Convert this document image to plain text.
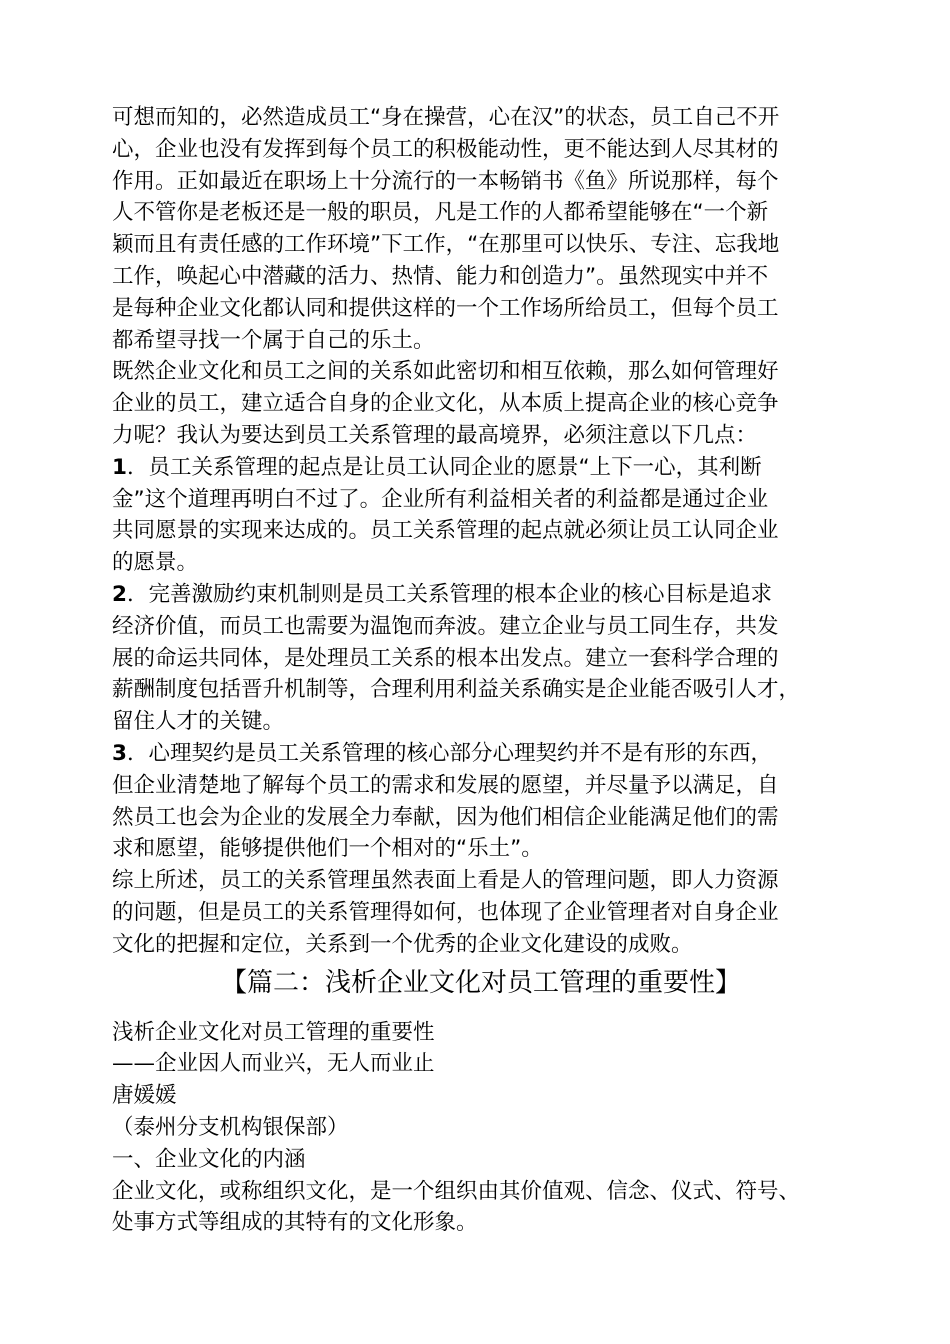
可想而知的，必然造成员工“身在操营，心在汉”的状态，员工自己不开
心，企业也没有发挥到每个员工的积极能动性，更不能达到人尽其材的
作用。正如最近在职场上十分流行的一本畅销书《鱼》所说那样，每个
人不管你是老板还是一般的职员，凡是工作的人都希望能够在“一个新
颖而且有责任感的工作环境”下工作，“在那里可以快乐、专注、忘我地
工作，唤起心中潜藏的活力、热情、能力和创造力”。虽然现实中并不
是每种企业文化都认同和提供这样的一个工作场所给员工，但每个员工
都希望寻找一个属于自己的乐土。
既然企业文化和员工之间的关系如此密切和相互依赖，那么如何管理好
企业的员工，建立适合自身的企业文化，从本质上提高企业的核心竞争
力呢？我认为要达到员工关系管理的最高境界，必须注意以下几点：
1．员工关系管理的起点是让员工认同企业的愿景“上下一心，其利断
金”这个道理再明白不过了。企业所有利益相关者的利益都是通过企业
共同愿景的实现来达成的。员工关系管理的起点就必须让员工认同企业
的愿景。
2．完善激励约束机制则是员工关系管理的根本企业的核心目标是追求
经济价值，而员工也需要为温饱而奔波。建立企业与员工同生存，共发
展的命运共同体，是处理员工关系的根本出发点。建立一套科学合理的
薪酬制度包括晋升机制等，合理利用利益关系确实是企业能否吸引人才，
留住人才的关键。
3．心理契约是员工关系管理的核心部分心理契约并不是有形的东西，
但企业清楚地了解每个员工的需求和发展的愿望，并尽量予以满足，自
然员工也会为企业的发展全力奉献，因为他们相信企业能满足他们的需
求和愿望，能够提供他们一个相对的“乐土”。
综上所述，员工的关系管理虽然表面上看是人的管理问题，即人力资源
的问题，但是员工的关系管理得如何，也体现了企业管理者对自身企业
文化的把握和定位，关系到一个优秀的企业文化建设的成败。
【篇二：浅析企业文化对员工管理的重要性】
浅析企业文化对员工管理的重要性
——企业因人而业兴，无人而业止
唐媛媛
（泰州分支机构银保部）
一、企业文化的内涵
企业文化，或称组织文化，是一个组织由其价值观、信念、仪式、符号、
处事方式等组成的其特有的文化形象。
